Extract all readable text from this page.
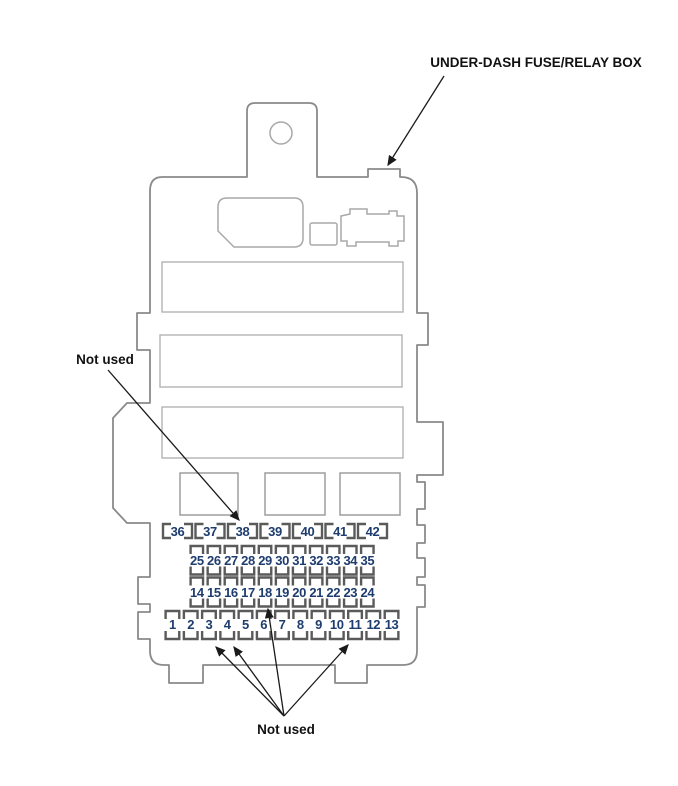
36 37 38 39 40 41 42
25 26 27 28 29 30 31 32 33 34 35
14 15 16 17 18 19 20 21 22 23 24
1 2 3 4 5 6 7 8 9 10 11 12 13
UNDER-DASH FUSE/RELAY BOX
Not used
Not used
